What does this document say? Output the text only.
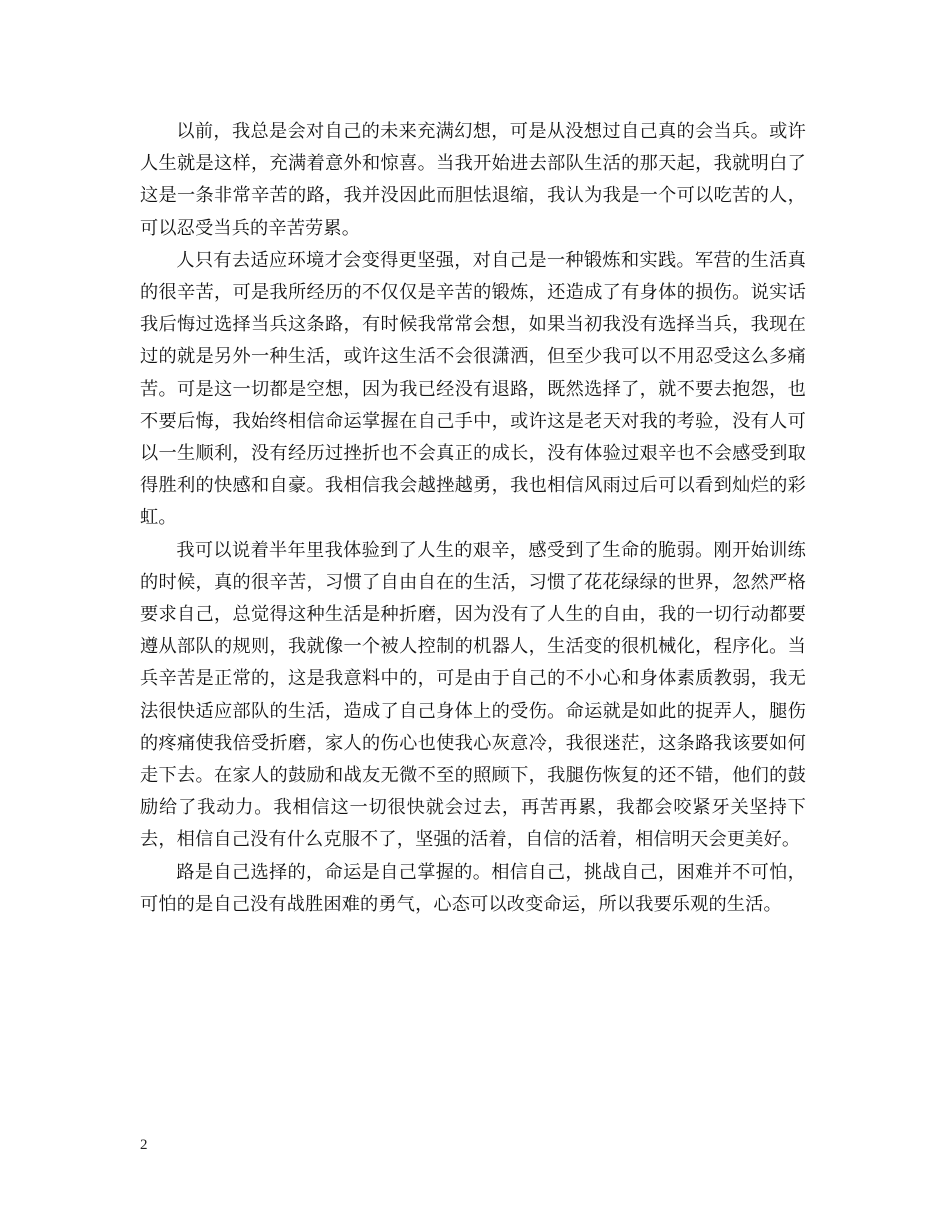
以前，我总是会对自己的未来充满幻想，可是从没想过自己真的会当兵。或许人生就是这样，充满着意外和惊喜。当我开始进去部队生活的那天起，我就明白了这是一条非常辛苦的路，我并没因此而胆怯退缩，我认为我是一个可以吃苦的人，可以忍受当兵的辛苦劳累。

人只有去适应环境才会变得更坚强，对自己是一种锻炼和实践。军营的生活真的很辛苦，可是我所经历的不仅仅是辛苦的锻炼，还造成了有身体的损伤。说实话我后悔过选择当兵这条路，有时候我常常会想，如果当初我没有选择当兵，我现在过的就是另外一种生活，或许这生活不会很潇洒，但至少我可以不用忍受这么多痛苦。可是这一切都是空想，因为我已经没有退路，既然选择了，就不要去抱怨，也不要后悔，我始终相信命运掌握在自己手中，或许这是老天对我的考验，没有人可以一生顺利，没有经历过挫折也不会真正的成长，没有体验过艰辛也不会感受到取得胜利的快感和自豪。我相信我会越挫越勇，我也相信风雨过后可以看到灿烂的彩虹。

我可以说着半年里我体验到了人生的艰辛，感受到了生命的脆弱。刚开始训练的时候，真的很辛苦，习惯了自由自在的生活，习惯了花花绿绿的世界，忽然严格要求自己，总觉得这种生活是种折磨，因为没有了人生的自由，我的一切行动都要遵从部队的规则，我就像一个被人控制的机器人，生活变的很机械化，程序化。当兵辛苦是正常的，这是我意料中的，可是由于自己的不小心和身体素质教弱，我无法很快适应部队的生活，造成了自己身体上的受伤。命运就是如此的捉弄人，腿伤的疼痛使我倍受折磨，家人的伤心也使我心灰意冷，我很迷茫，这条路我该要如何走下去。在家人的鼓励和战友无微不至的照顾下，我腿伤恢复的还不错，他们的鼓励给了我动力。我相信这一切很快就会过去，再苦再累，我都会咬紧牙关坚持下去，相信自己没有什么克服不了，坚强的活着，自信的活着，相信明天会更美好。

路是自己选择的，命运是自己掌握的。相信自己，挑战自己，困难并不可怕，可怕的是自己没有战胜困难的勇气，心态可以改变命运，所以我要乐观的生活。

2
